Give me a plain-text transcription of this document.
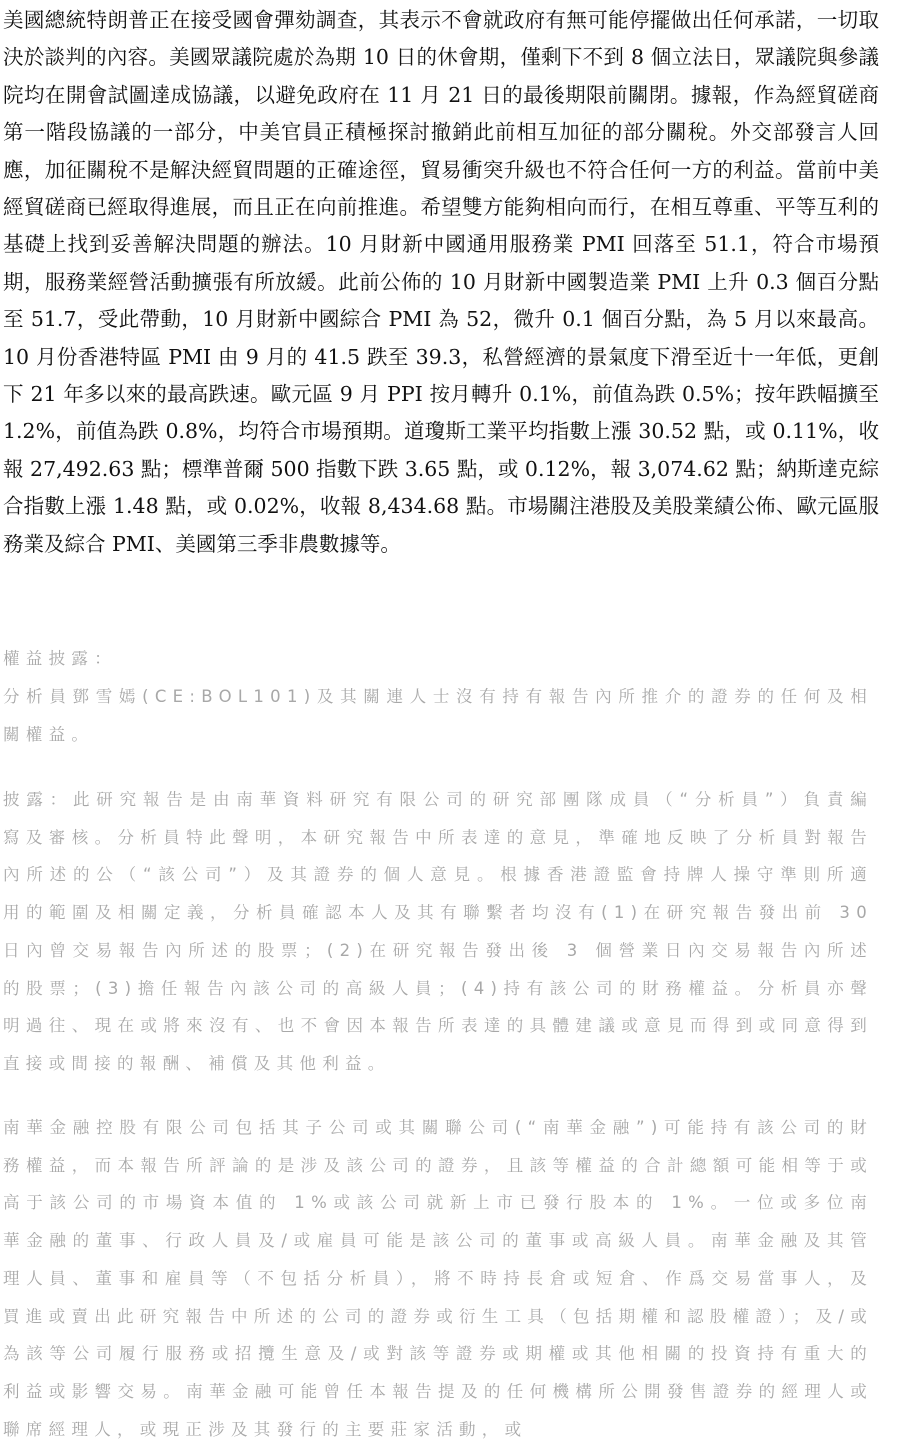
美國總統特朗普正在接受國會彈劾調查，其表示不會就政府有無可能停擺做出任何承諾，一切取決於談判的內容。美國眾議院處於為期 10 日的休會期，僅剩下不到 8 個立法日，眾議院與參議院均在開會試圖達成協議，以避免政府在 11 月 21 日的最後期限前關閉。據報，作為經貿磋商第一階段協議的一部分，中美官員正積極探討撤銷此前相互加征的部分關稅。外交部發言人回應，加征關稅不是解決經貿問題的正確途徑，貿易衝突升級也不符合任何一方的利益。當前中美經貿磋商已經取得進展，而且正在向前推進。希望雙方能夠相向而行，在相互尊重、平等互利的基礎上找到妥善解決問題的辦法。10 月財新中國通用服務業 PMI 回落至 51.1，符合市場預期，服務業經營活動擴張有所放緩。此前公佈的 10 月財新中國製造業 PMI 上升 0.3 個百分點至 51.7，受此帶動，10 月財新中國綜合 PMI 為 52，微升 0.1 個百分點，為 5 月以來最高。10 月份香港特區 PMI 由 9 月的 41.5 跌至 39.3，私營經濟的景氣度下滑至近十一年低，更創下 21 年多以來的最高跌速。歐元區 9 月 PPI 按月轉升 0.1%，前值為跌 0.5%；按年跌幅擴至 1.2%，前值為跌 0.8%，均符合市場預期。道瓊斯工業平均指數上漲 30.52 點，或 0.11%，收報 27,492.63 點；標準普爾 500 指數下跌 3.65 點，或 0.12%，報 3,074.62 點；納斯達克綜合指數上漲 1.48 點，或 0.02%，收報 8,434.68 點。市場關注港股及美股業績公佈、歐元區服務業及綜合 PMI、美國第三季非農數據等。

權益披露：

分析員鄧雪嫣(CE:BOL101)及其關連人士沒有持有報告內所推介的證券的任何及相關權益。

披露：此研究報告是由南華資料研究有限公司的研究部團隊成員（“分析員”）負責編寫及審核。分析員特此聲明，本研究報告中所表達的意見，準確地反映了分析員對報告內所述的公（“該公司”）及其證券的個人意見。根據香港證監會持牌人操守準則所適用的範圍及相關定義，分析員確認本人及其有聯繫者均沒有(1)在研究報告發出前 30 日內曾交易報告內所述的股票；(2)在研究報告發出後 3 個營業日內交易報告內所述的股票；(3)擔任報告內該公司的高級人員；(4)持有該公司的財務權益。分析員亦聲明過往、現在或將來沒有、也不會因本報告所表達的具體建議或意見而得到或同意得到直接或間接的報酬、補償及其他利益。

南華金融控股有限公司包括其子公司或其關聯公司(“南華金融”)可能持有該公司的財務權益，而本報告所評論的是涉及該公司的證券，且該等權益的合計總額可能相等于或高于該公司的市場資本值的 1%或該公司就新上市已發行股本的 1%。一位或多位南華金融的董事、行政人員及/或雇員可能是該公司的董事或高級人員。南華金融及其管理人員、董事和雇員等（不包括分析員），將不時持長倉或短倉、作爲交易當事人，及買進或賣出此研究報告中所述的公司的證券或衍生工具（包括期權和認股權證）；及/或為該等公司履行服務或招攬生意及/或對該等證券或期權或其他相關的投資持有重大的利益或影響交易。南華金融可能曾任本報告提及的任何機構所公開發售證券的經理人或聯席經理人，或現正涉及其發行的主要莊家活動，或
